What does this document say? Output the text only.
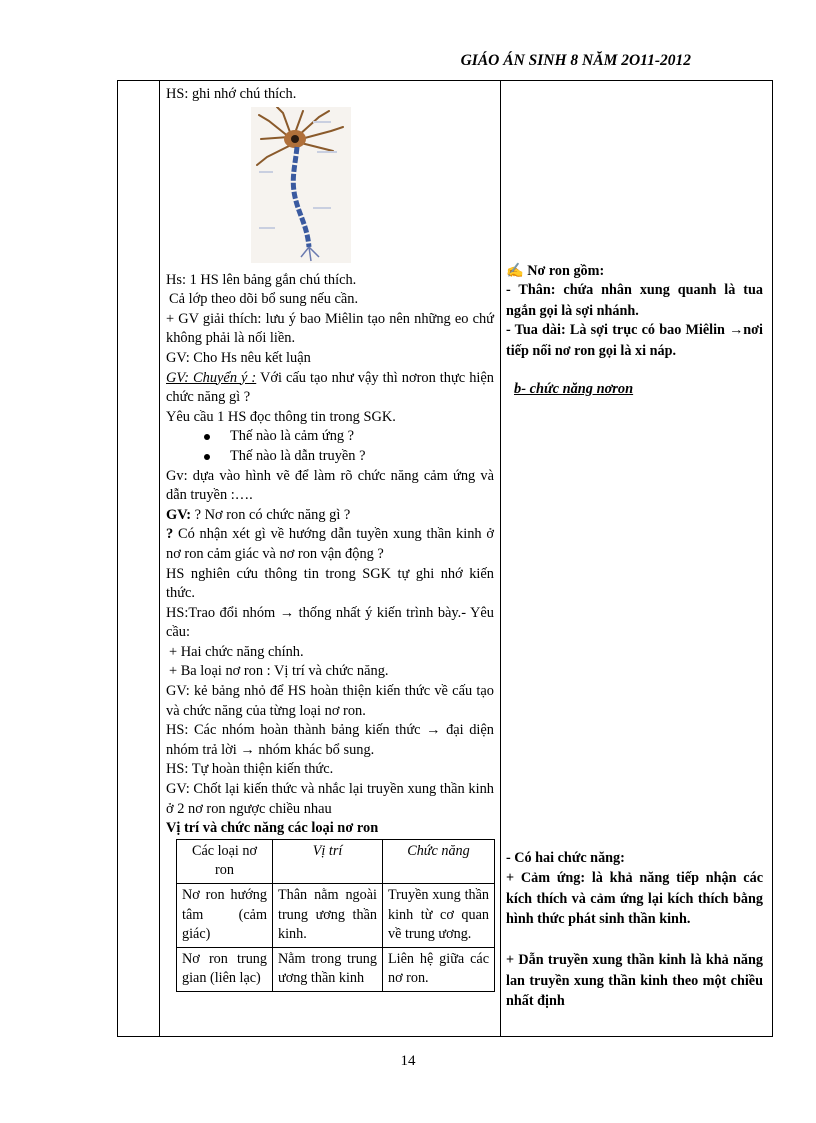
GIÁO ÁN SINH 8 NĂM 2O11-2012

HS: ghi nhớ chú thích.

Hs: 1 HS lên bảng gắn chú thích.

Cả lớp theo dõi bổ sung nếu cần.

+ GV giải thích: lưu ý bao Miêlin tạo nên những eo chứ không phải là nối liền.

GV: Cho Hs nêu kết luận

GV: Chuyển ý : Với cấu tạo như vậy thì nơron thực hiện chức năng gì ?

Yêu cầu 1 HS đọc thông tin trong SGK.

Thế nào là cảm ứng ?

Thế nào là dẫn truyền ?

Gv: dựa vào hình vẽ để làm rõ chức năng cảm ứng và dẫn truyền :….

GV: ? Nơ ron có chức năng gì ?

? Có nhận xét gì về hướng dẫn tuyền xung thần kinh ở nơ ron cảm giác và nơ ron vận động ?

HS nghiên cứu thông tin trong SGK tự ghi nhớ kiến thức.

HS:Trao đổi nhóm → thống nhất ý kiến trình bày.- Yêu cầu:

+ Hai chức năng chính.

+ Ba loại nơ ron : Vị trí và chức năng.

GV: kẻ bảng nhỏ để HS hoàn thiện kiến thức về cấu tạo và chức năng của từng loại nơ ron.

HS: Các nhóm hoàn thành bảng kiến thức → đại diện nhóm trả lời → nhóm khác bổ sung.

HS: Tự hoàn thiện kiến thức.

GV: Chốt lại kiến thức và nhắc lại truyền xung thần kinh ở 2 nơ ron ngược chiều nhau

Vị trí và chức năng các loại nơ ron

Các loại nơ ron	Vị trí	Chức năng
Nơ ron hướng tâm (cảm giác)	Thân nằm ngoài trung ương thần kinh.	Truyền xung thần kinh từ cơ quan về trung ương.
Nơ ron trung gian (liên lạc)	Nằm trong trung ương thần kinh	Liên hệ giữa các nơ ron.

✍ Nơ ron gồm:

- Thân: chứa nhân xung quanh là tua ngắn gọi là sợi nhánh.

- Tua dài: Là sợi trục có bao Miêlin →nơi tiếp nối nơ ron gọi là xi náp.

b- chức năng nơron

- Có hai chức năng:

+ Cảm ứng: là khả năng tiếp nhận các kích thích và cảm ứng lại kích thích bằng hình thức phát sinh thần kinh.

+ Dẫn truyền xung thần kinh là khả năng lan truyền xung thần kinh theo một chiều nhất định

14
